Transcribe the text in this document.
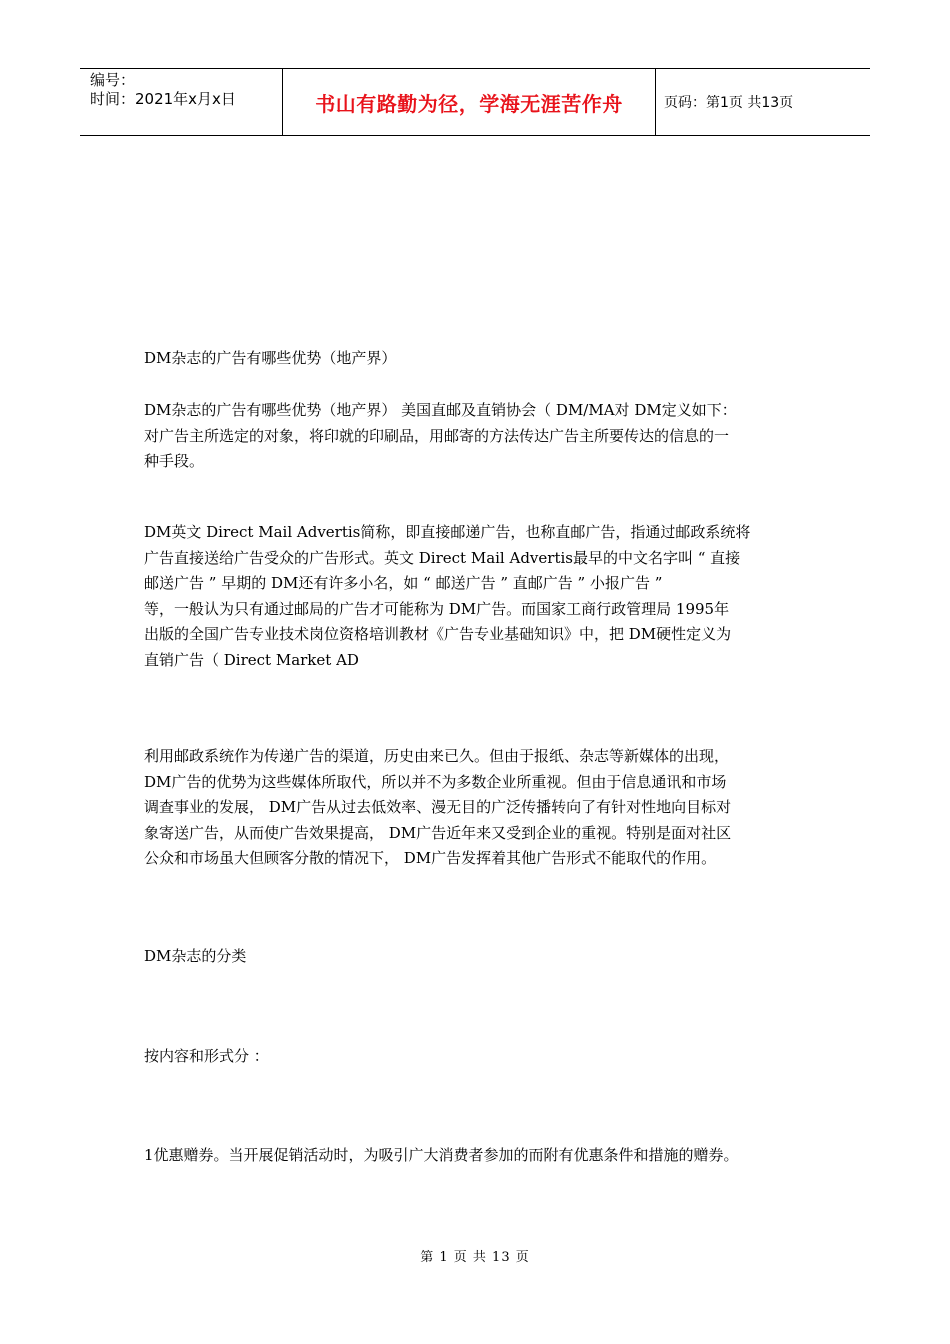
编号：
时间：2021年x月x日	书山有路勤为径，学海无涯苦作舟	页码：第1页 共13页

DM杂志的广告有哪些优势（地产界）

DM杂志的广告有哪些优势（地产界） 美国直邮及直销协会（ DM/MA对 DM定义如下：
对广告主所选定的对象，将印就的印刷品，用邮寄的方法传达广告主所要传达的信息的一
种手段。

DM英文 Direct Mail Advertis简称，即直接邮递广告，也称直邮广告，指通过邮政系统将
广告直接送给广告受众的广告形式。英文 Direct Mail Advertis最早的中文名字叫 “ 直接
邮送广告 ” 早期的 DM还有许多小名，如 “ 邮送广告 ” 直邮广告 ” 小报广告 ”
等，一般认为只有通过邮局的广告才可能称为 DM广告。而国家工商行政管理局 1995年
出版的全国广告专业技术岗位资格培训教材《广告专业基础知识》中，把 DM硬性定义为
直销广告（ Direct Market AD

利用邮政系统作为传递广告的渠道，历史由来已久。但由于报纸、杂志等新媒体的出现，
DM广告的优势为这些媒体所取代，所以并不为多数企业所重视。但由于信息通讯和市场
调查事业的发展， DM广告从过去低效率、漫无目的广泛传播转向了有针对性地向目标对
象寄送广告，从而使广告效果提高， DM广告近年来又受到企业的重视。特别是面对社区
公众和市场虽大但顾客分散的情况下， DM广告发挥着其他广告形式不能取代的作用。

DM杂志的分类

按内容和形式分 ：

1优惠赠券。当开展促销活动时，为吸引广大消费者参加的而附有优惠条件和措施的赠券。

第 1 页 共 13 页
